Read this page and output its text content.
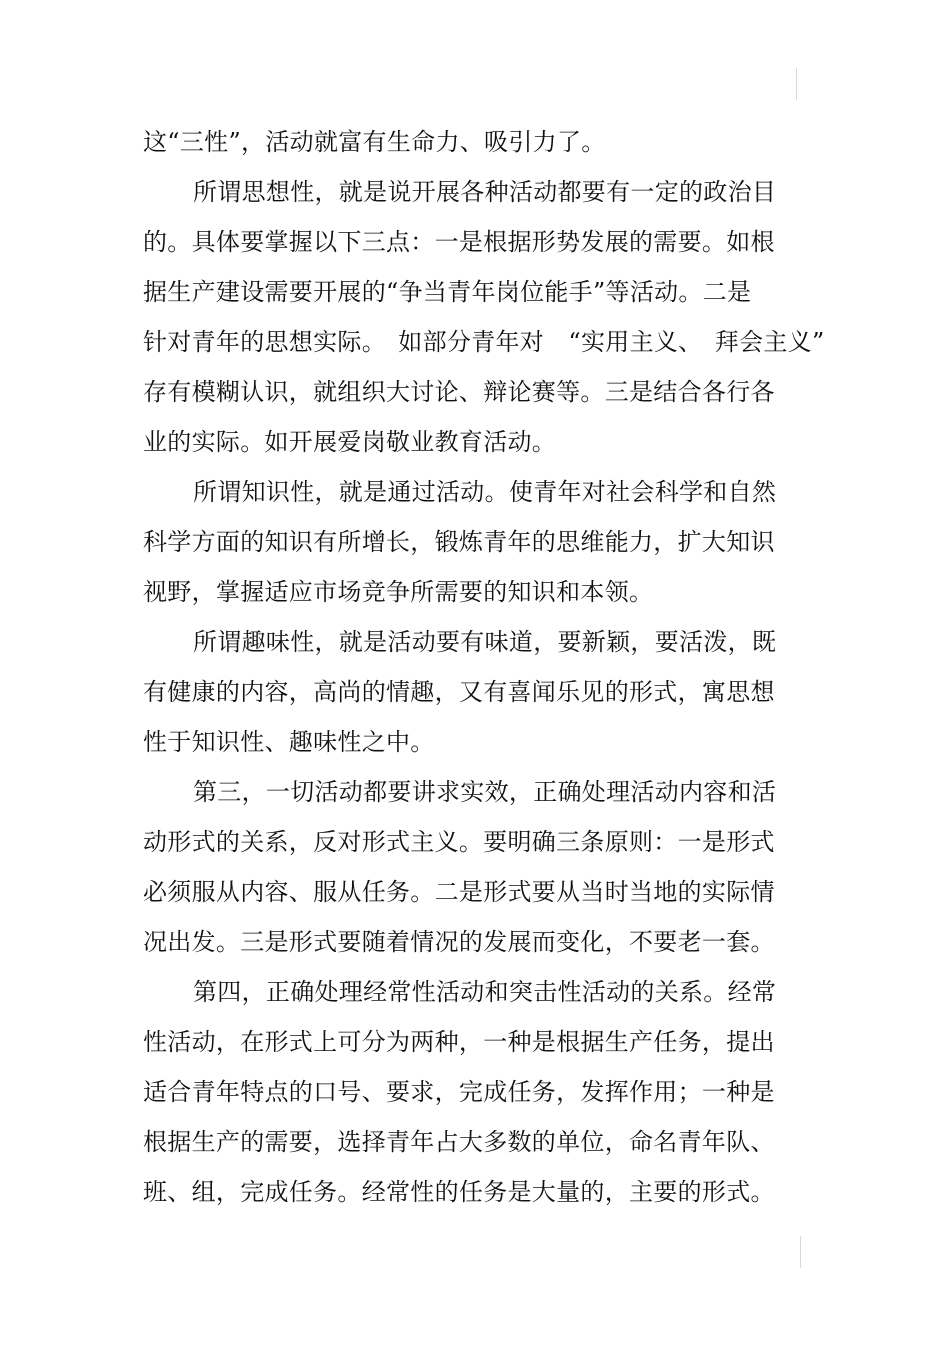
这“三性”，活动就富有生命力、吸引力了。
所谓思想性，就是说开展各种活动都要有一定的政治目
的。具体要掌握以下三点：一是根据形势发展的需要。如根
据生产建设需要开展的“争当青年岗位能手”等活动。二是
针对青年的思想实际。　如部分青年对　“实用主义、　拜会主义”
存有模糊认识，就组织大讨论、辩论赛等。三是结合各行各
业的实际。如开展爱岗敬业教育活动。
所谓知识性，就是通过活动。使青年对社会科学和自然
科学方面的知识有所增长，锻炼青年的思维能力，扩大知识
视野，掌握适应市场竞争所需要的知识和本领。
所谓趣味性，就是活动要有味道，要新颖，要活泼，既
有健康的内容，高尚的情趣，又有喜闻乐见的形式，寓思想
性于知识性、趣味性之中。
第三，一切活动都要讲求实效，正确处理活动内容和活
动形式的关系，反对形式主义。要明确三条原则：一是形式
必须服从内容、服从任务。二是形式要从当时当地的实际情
况出发。三是形式要随着情况的发展而变化，不要老一套。
第四，正确处理经常性活动和突击性活动的关系。经常
性活动，在形式上可分为两种，一种是根据生产任务，提出
适合青年特点的口号、要求，完成任务，发挥作用；一种是
根据生产的需要，选择青年占大多数的单位，命名青年队、
班、组，完成任务。经常性的任务是大量的，主要的形式。
